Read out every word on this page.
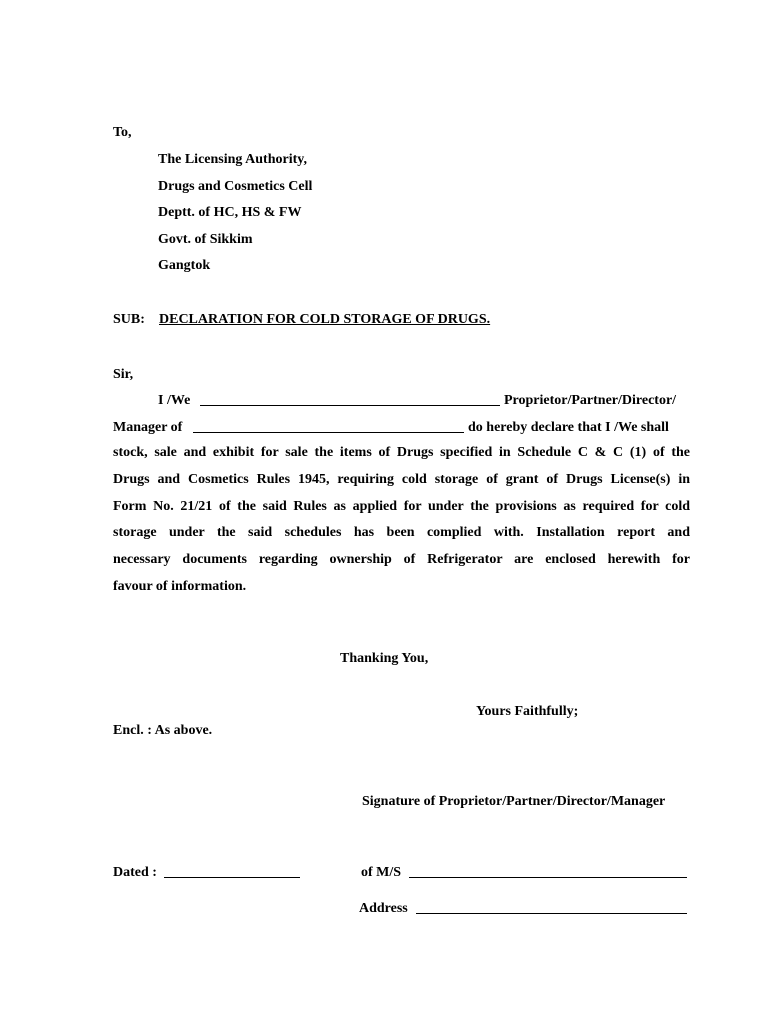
To,
The Licensing Authority,
Drugs and Cosmetics Cell
Deptt. of HC, HS & FW
Govt. of Sikkim
Gangtok
SUB: DECLARATION FOR COLD STORAGE OF DRUGS.
Sir,
I /We	Proprietor/Partner/Director/
Manager of	do hereby declare that I /We shall
stock, sale and exhibit for sale the items of Drugs specified in Schedule C & C (1) of the
Drugs and Cosmetics Rules 1945, requiring cold storage of grant of Drugs License(s) in
Form No. 21/21 of the said Rules as applied for under the provisions as required for cold
storage under the said schedules has been complied with. Installation report and
necessary documents regarding ownership of Refrigerator are enclosed herewith for
favour of information.
Thanking You,
Yours Faithfully;
Encl. : As above.
Signature of Proprietor/Partner/Director/Manager
Dated :	of M/S
Address
